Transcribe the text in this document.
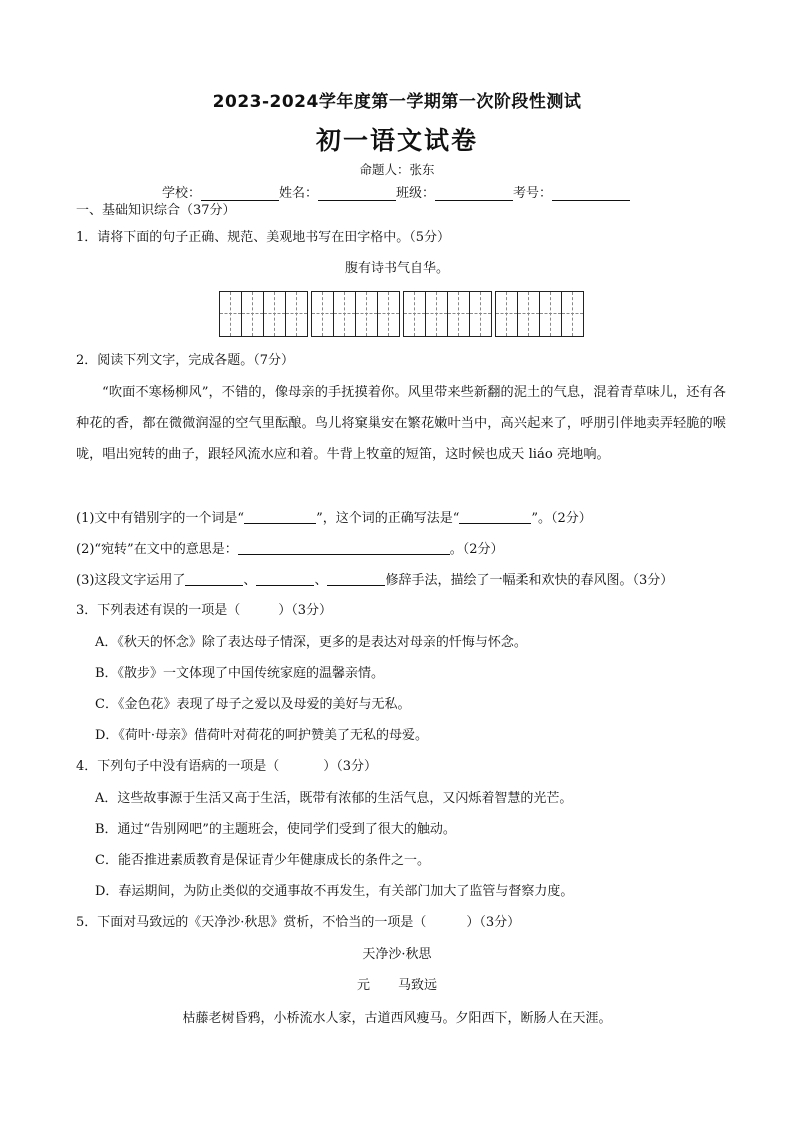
2023-2024学年度第一学期第一次阶段性测试
初一语文试卷
命题人：张东
学校：	姓名：	班级：	考号：
一、基础知识综合（37分）
1．请将下面的句子正确、规范、美观地书写在田字格中。（5分）
腹有诗书气自华。
2．阅读下列文字，完成各题。（7分）
“吹面不寒杨柳风”，不错的，像母亲的手抚摸着你。风里带来些新翻的泥土的气息，混着青草味儿，还有各种花的香，都在微微润湿的空气里酝酿。鸟儿将窠巢安在繁花嫩叶当中，高兴起来了，呼朋引伴地卖弄轻脆的喉咙，唱出宛转的曲子，跟轻风流水应和着。牛背上牧童的短笛，这时候也成天 liáo 亮地响。
(1)文中有错别字的一个词是“	”，这个词的正确写法是“	”。（2分）
(2)“宛转”在文中的意思是：	。（2分）
(3)这段文字运用了	、	、	修辞手法，描绘了一幅柔和欢快的春风图。（3分）
3．下列表述有误的一项是（	）（3分）
A．《秋天的怀念》除了表达母子情深，更多的是表达对母亲的忏悔与怀念。
B．《散步》一文体现了中国传统家庭的温馨亲情。
C．《金色花》表现了母子之爱以及母爱的美好与无私。
D．《荷叶·母亲》借荷叶对荷花的呵护赞美了无私的母爱。
4．下列句子中没有语病的一项是（	）（3分）
A．这些故事源于生活又高于生活，既带有浓郁的生活气息，又闪烁着智慧的光芒。
B．通过“告别网吧”的主题班会，使同学们受到了很大的触动。
C．能否推进素质教育是保证青少年健康成长的条件之一。
D．春运期间，为防止类似的交通事故不再发生，有关部门加大了监管与督察力度。
5．下面对马致远的《天净沙·秋思》赏析，不恰当的一项是（	）（3分）
天净沙·秋思
元 马致远
枯藤老树昏鸦，小桥流水人家，古道西风瘦马。夕阳西下，断肠人在天涯。
